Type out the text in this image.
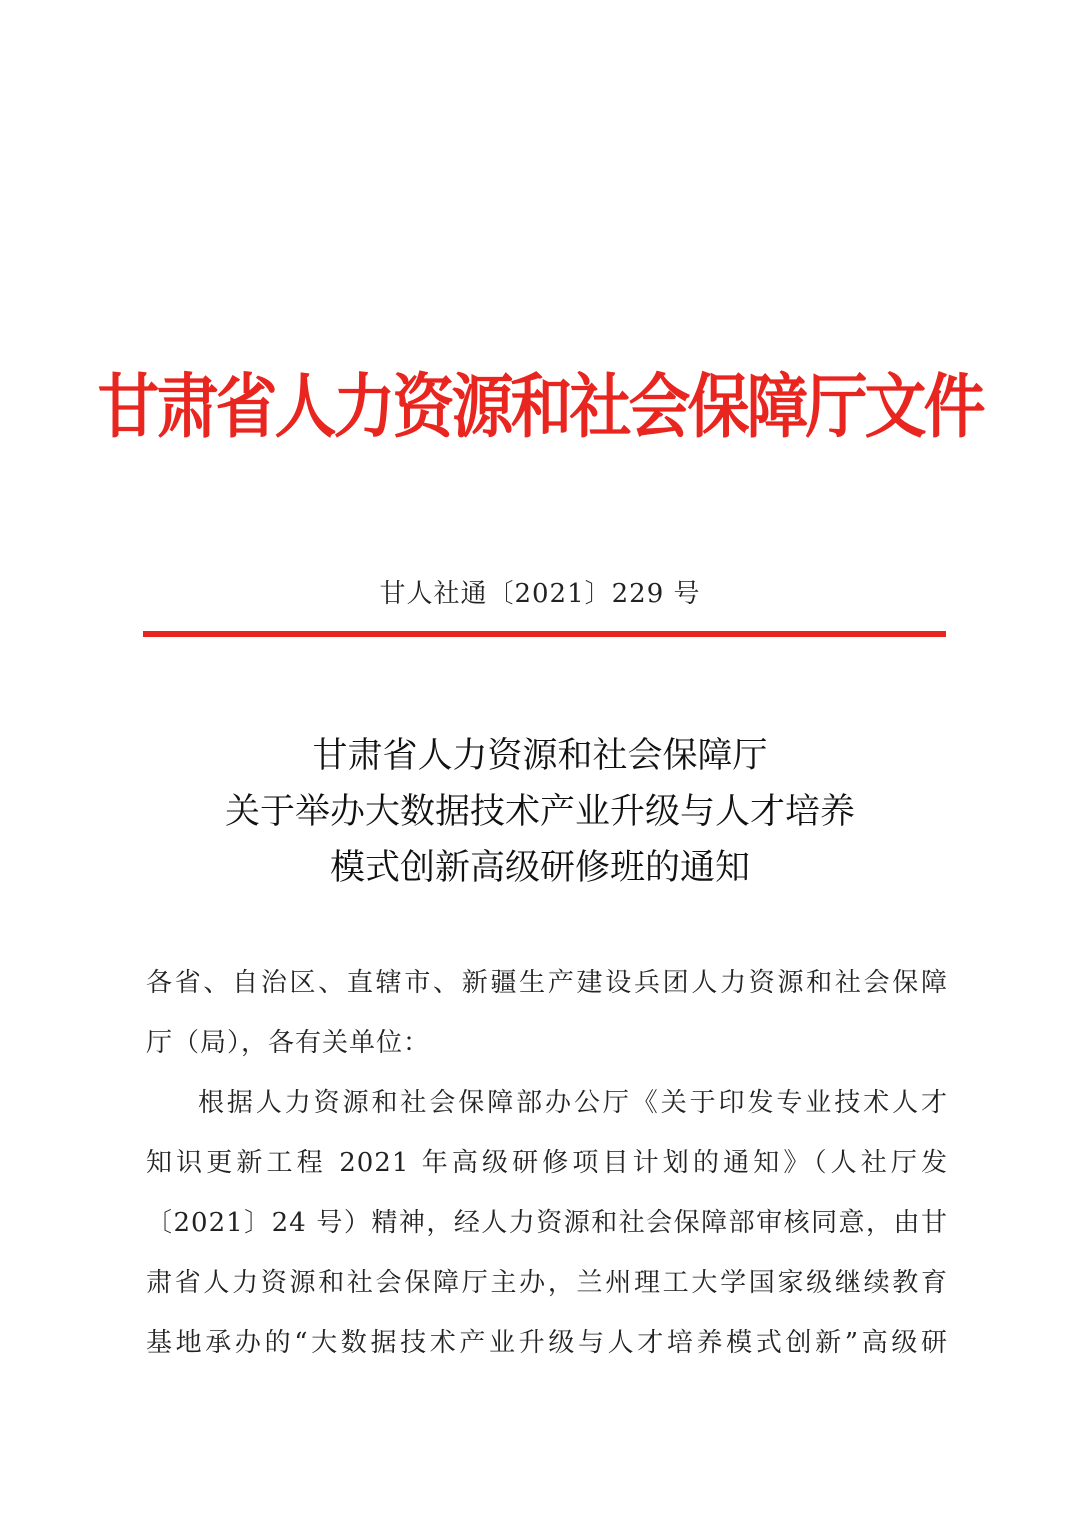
甘肃省人力资源和社会保障厅文件
甘人社通〔2021〕229 号
甘肃省人力资源和社会保障厅
关于举办大数据技术产业升级与人才培养
模式创新高级研修班的通知
各省、自治区、直辖市、新疆生产建设兵团人力资源和社会保障
厅（局），各有关单位：
根据人力资源和社会保障部办公厅《关于印发专业技术人才
知识更新工程 2021 年高级研修项目计划的通知》（人社厅发
〔2021〕24 号）精神，经人力资源和社会保障部审核同意，由甘
肃省人力资源和社会保障厅主办，兰州理工大学国家级继续教育
基地承办的“大数据技术产业升级与人才培养模式创新”高级研
